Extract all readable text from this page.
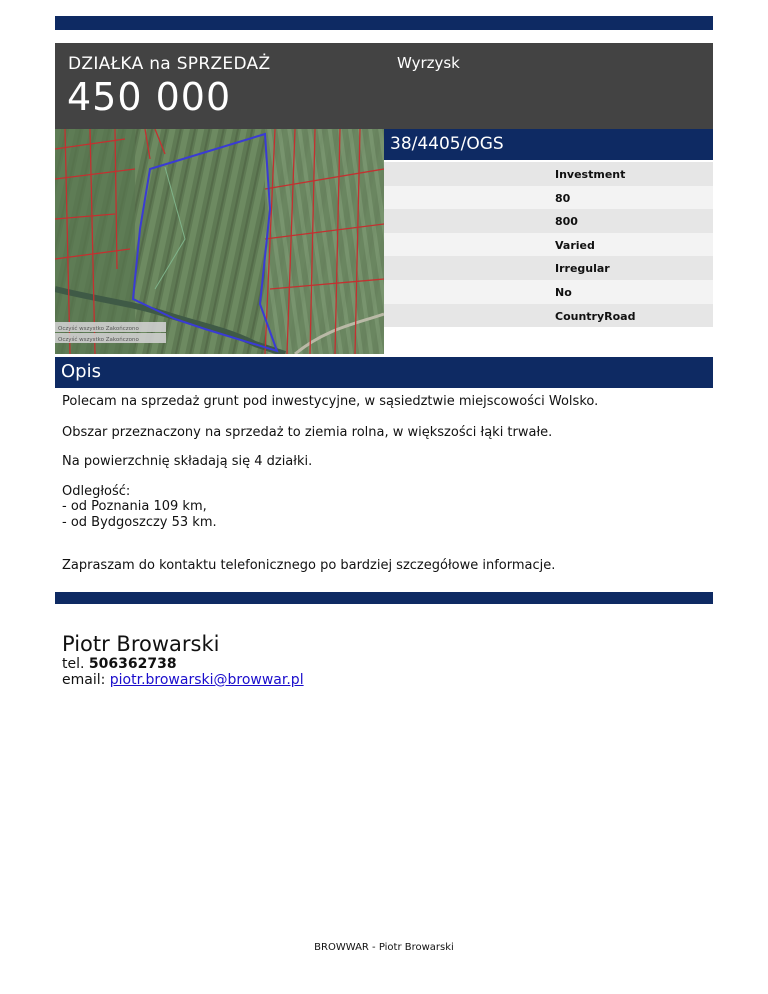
DZIAŁKA na SPRZEDAŻ
450 000
Wyrzysk
Oczyść wszystko Zakończono
Oczyść wszystko Zakończono
38/4405/OGS
Investment
80
800
Varied
Irregular
No
CountryRoad
Opis

Polecam na sprzedaż grunt pod inwestycyjne, w sąsiedztwie miejscowości Wolsko.

Obszar przeznaczony na sprzedaż to ziemia rolna, w większości łąki trwałe.

Na powierzchnię składają się 4 działki.

Odległość:

- od Poznania 109 km,

- od Bydgoszczy 53 km.

Zapraszam do kontaktu telefonicznego po bardziej szczegółowe informacje.

Piotr Browarski
tel. 506362738
email: piotr.browarski@browwar.pl
BROWWAR - Piotr Browarski
